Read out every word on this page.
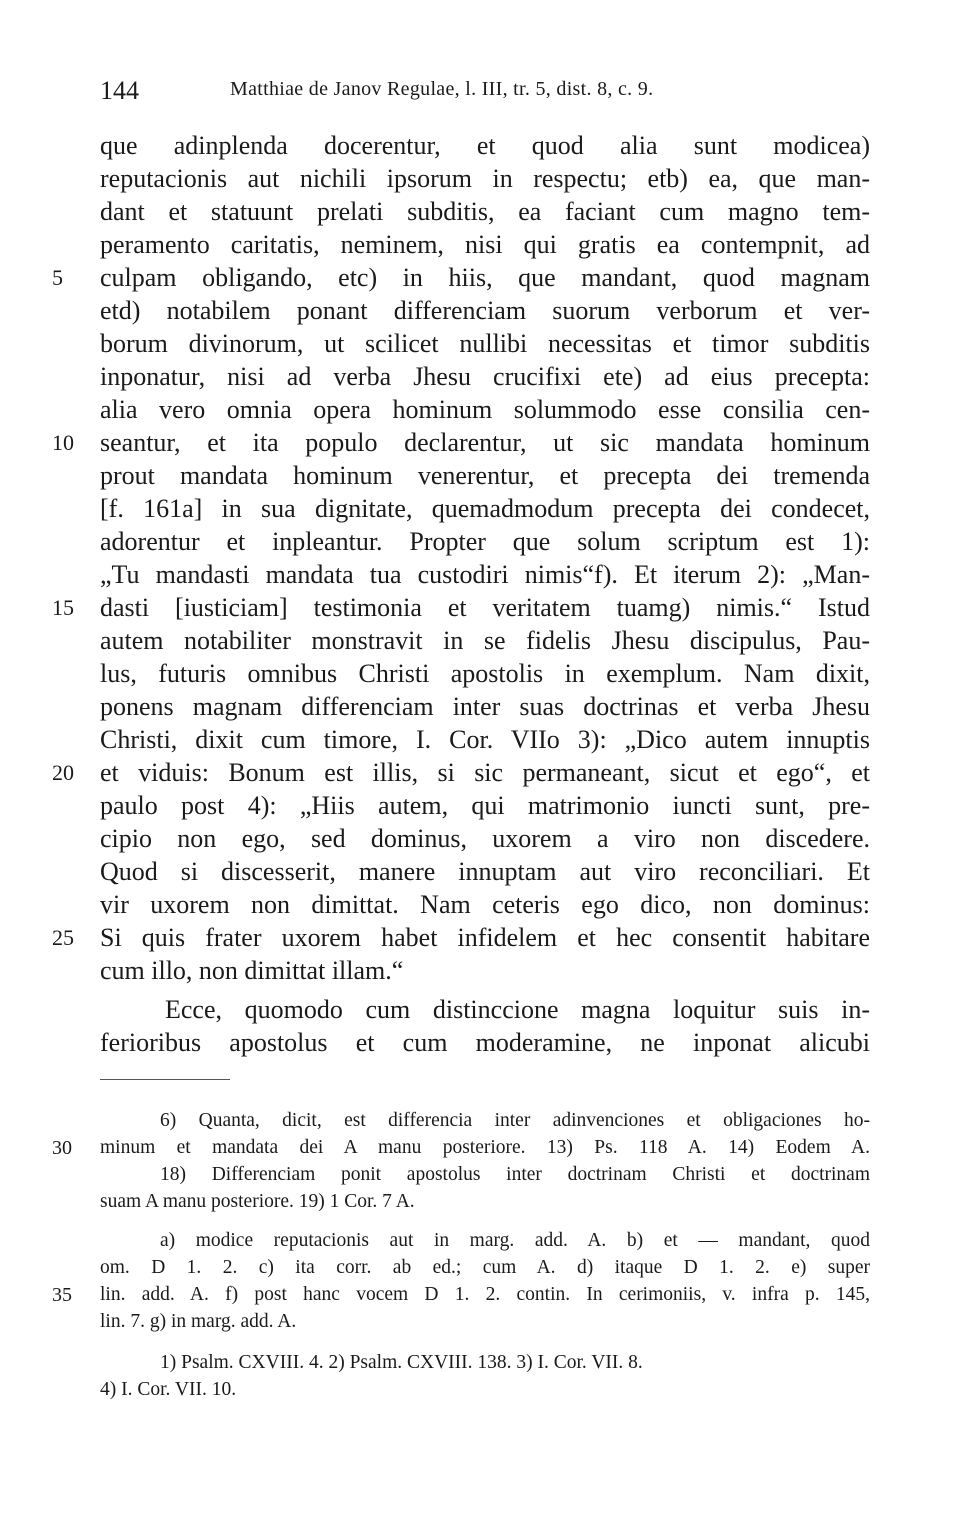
144	Matthiae de Janov Regulae, l. III, tr. 5, dist. 8, c. 9.
que adinplenda docerentur, et quod alia sunt modicea)
reputacionis aut nichili ipsorum in respectu; etb) ea, que man-
dant et statuunt prelati subditis, ea faciant cum magno tem-
peramento caritatis, neminem, nisi qui gratis ea contempnit, ad
5	culpam obligando, etc) in hiis, que mandant, quod magnam
etd) notabilem ponant differenciam suorum verborum et ver-
borum divinorum, ut scilicet nullibi necessitas et timor subditis
inponatur, nisi ad verba Jhesu crucifixi ete) ad eius precepta:
alia vero omnia opera hominum solummodo esse consilia cen-
10	seantur, et ita populo declarentur, ut sic mandata hominum
prout mandata hominum venerentur, et precepta dei tremenda
[f. 161a] in sua dignitate, quemadmodum precepta dei condecet,
adorentur et inpleantur. Propter que solum scriptum est 1):
„Tu mandasti mandata tua custodiri nimis“f). Et iterum 2): „Man-
15	dasti [iusticiam] testimonia et veritatem tuamg) nimis.“ Istud
autem notabiliter monstravit in se fidelis Jhesu discipulus, Pau-
lus, futuris omnibus Christi apostolis in exemplum. Nam dixit,
ponens magnam differenciam inter suas doctrinas et verba Jhesu
Christi, dixit cum timore, I. Cor. VIIo 3): „Dico autem innuptis
20	et viduis: Bonum est illis, si sic permaneant, sicut et ego“, et
paulo post 4): „Hiis autem, qui matrimonio iuncti sunt, pre-
cipio non ego, sed dominus, uxorem a viro non discedere.
Quod si discesserit, manere innuptam aut viro reconciliari. Et
vir uxorem non dimittat. Nam ceteris ego dico, non dominus:
25	Si quis frater uxorem habet infidelem et hec consentit habitare
cum illo, non dimittat illam.“
Ecce, quomodo cum distinccione magna loquitur suis in-
ferioribus apostolus et cum moderamine, ne inponat alicubi
6) Quanta, dicit, est differencia inter adinvenciones et obligaciones ho-
30	minum et mandata dei A manu posteriore. 13) Ps. 118 A. 14) Eodem A.
18) Differenciam ponit apostolus inter doctrinam Christi et doctrinam
suam A manu posteriore. 19) 1 Cor. 7 A.
a) modice reputacionis aut in marg. add. A. b) et — mandant, quod
om. D 1. 2. c) ita corr. ab ed.; cum A. d) itaque D 1. 2. e) super
35	lin. add. A. f) post hanc vocem D 1. 2. contin. In cerimoniis, v. infra p. 145,
lin. 7. g) in marg. add. A.
1) Psalm. CXVIII. 4. 2) Psalm. CXVIII. 138. 3) I. Cor. VII. 8.
4) I. Cor. VII. 10.
